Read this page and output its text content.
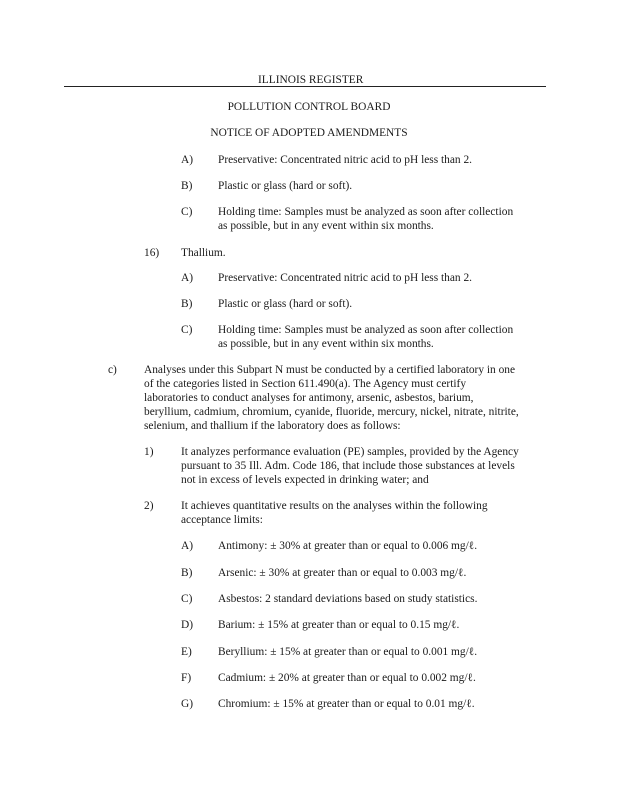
ILLINOIS REGISTER
POLLUTION CONTROL BOARD
NOTICE OF ADOPTED AMENDMENTS
A) Preservative: Concentrated nitric acid to pH less than 2.
B) Plastic or glass (hard or soft).
C) Holding time: Samples must be analyzed as soon after collection
as possible, but in any event within six months.
16) Thallium.
A) Preservative: Concentrated nitric acid to pH less than 2.
B) Plastic or glass (hard or soft).
C) Holding time: Samples must be analyzed as soon after collection
as possible, but in any event within six months.
c) Analyses under this Subpart N must be conducted by a certified laboratory in one
of the categories listed in Section 611.490(a). The Agency must certify
laboratories to conduct analyses for antimony, arsenic, asbestos, barium,
beryllium, cadmium, chromium, cyanide, fluoride, mercury, nickel, nitrate, nitrite,
selenium, and thallium if the laboratory does as follows:
1) It analyzes performance evaluation (PE) samples, provided by the Agency
pursuant to 35 Ill. Adm. Code 186, that include those substances at levels
not in excess of levels expected in drinking water; and
2) It achieves quantitative results on the analyses within the following
acceptance limits:
A) Antimony: ± 30% at greater than or equal to 0.006 mg/ℓ.
B) Arsenic: ± 30% at greater than or equal to 0.003 mg/ℓ.
C) Asbestos: 2 standard deviations based on study statistics.
D) Barium: ± 15% at greater than or equal to 0.15 mg/ℓ.
E) Beryllium: ± 15% at greater than or equal to 0.001 mg/ℓ.
F) Cadmium: ± 20% at greater than or equal to 0.002 mg/ℓ.
G) Chromium: ± 15% at greater than or equal to 0.01 mg/ℓ.
